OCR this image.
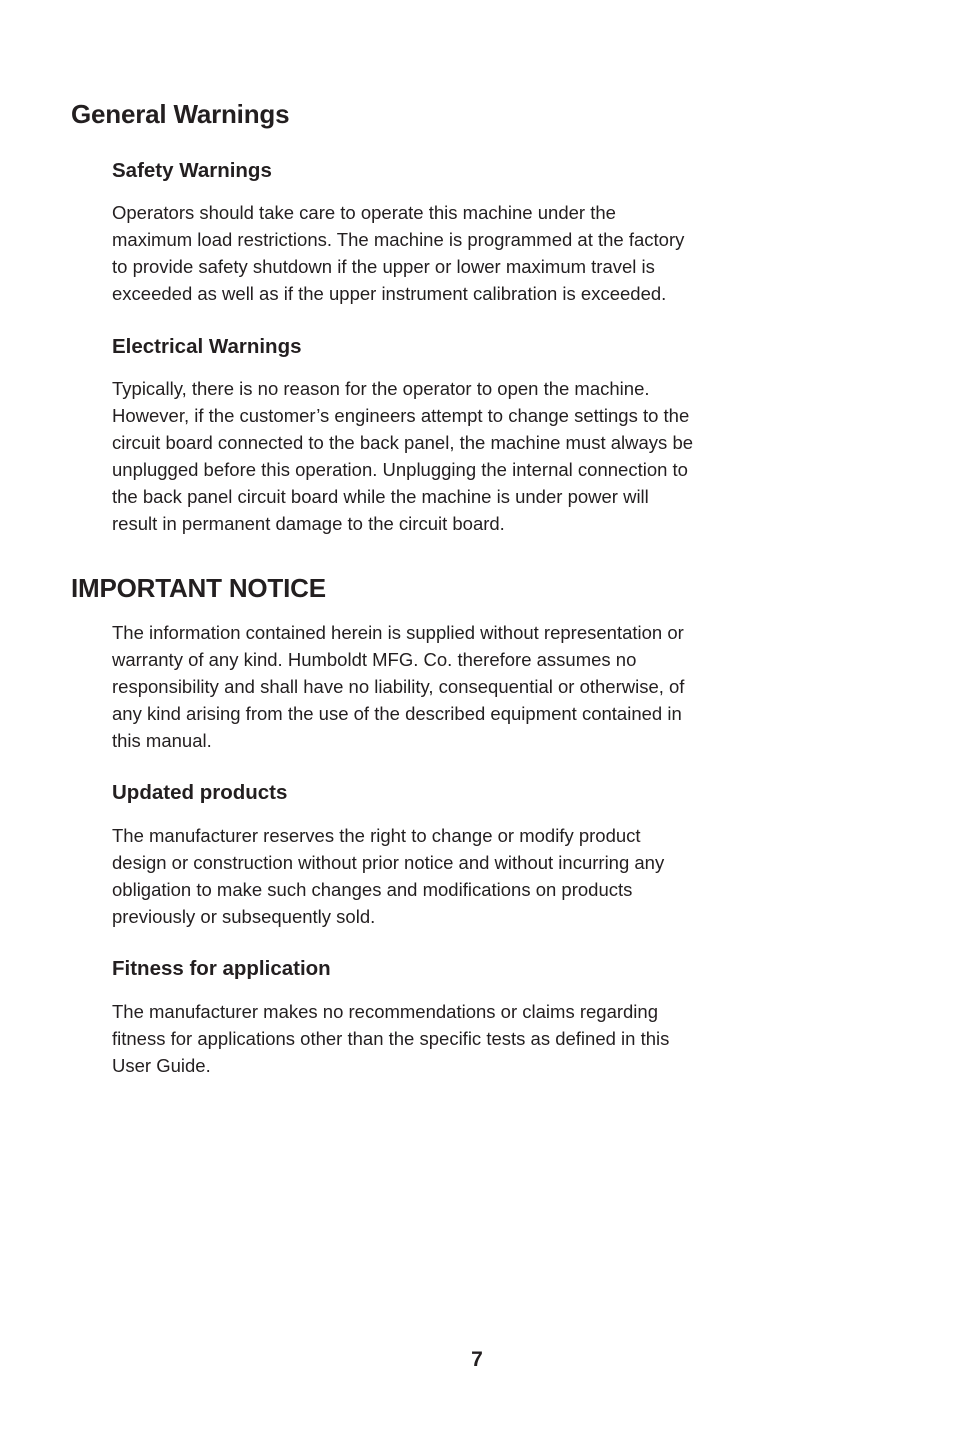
General Warnings
Safety Warnings
Operators should take care to operate this machine under the
maximum load restrictions. The machine is programmed at the factory
to provide safety shutdown if the upper or lower maximum travel is
exceeded as well as if the upper instrument calibration is exceeded.
Electrical Warnings
Typically, there is no reason for the operator to open the machine.
However, if the customer’s engineers attempt to change settings to the
circuit board connected to the back panel, the machine must always be
unplugged before this operation. Unplugging the internal connection to
the back panel circuit board while the machine is under power will
result in permanent damage to the circuit board.
IMPORTANT NOTICE
The information contained herein is supplied without representation or
warranty of any kind. Humboldt MFG. Co. therefore assumes no
responsibility and shall have no liability, consequential or otherwise, of
any kind arising from the use of the described equipment contained in
this manual.
Updated products
The manufacturer reserves the right to change or modify product
design or construction without prior notice and without incurring any
obligation to make such changes and modifications on products
previously or subsequently sold.
Fitness for application
The manufacturer makes no recommendations or claims regarding
fitness for applications other than the specific tests as defined in this
User Guide.
7
